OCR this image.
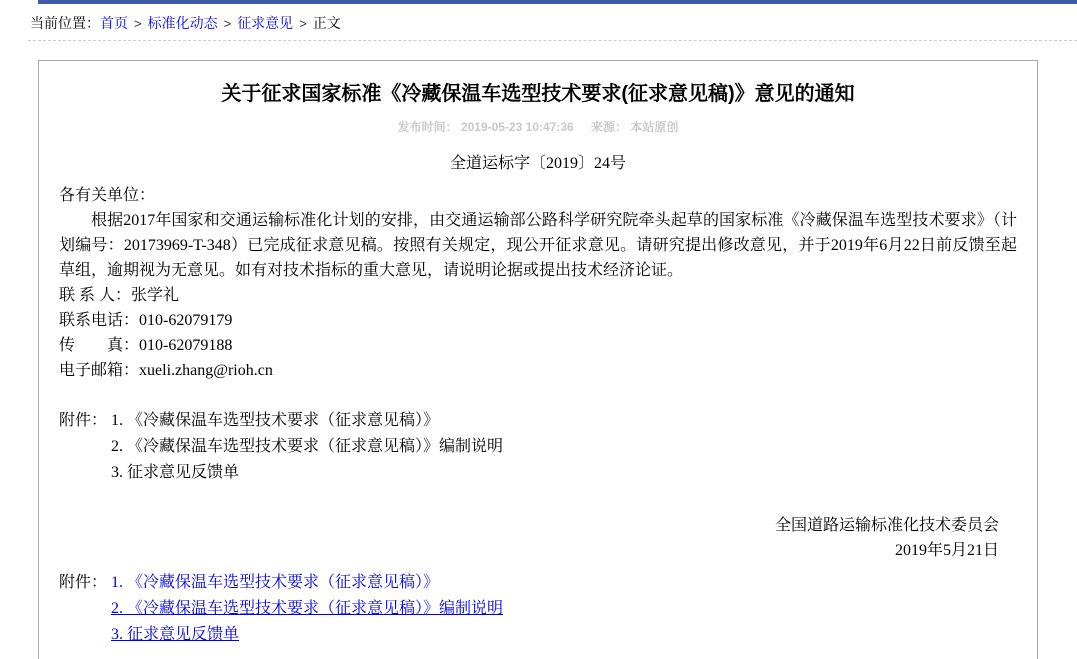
当前位置：首页 > 标准化动态 > 征求意见 > 正文
关于征求国家标准《冷藏保温车选型技术要求(征求意见稿)》意见的通知
发布时间： 2019-05-23 10:47:36 来源： 本站原创
全道运标字〔2019〕24号

各有关单位：

根据2017年国家和交通运输标准化计划的安排，由交通运输部公路科学研究院牵头起草的国家标准《冷藏保温车选型技术要求》（计划编号：20173969-T-348）已完成征求意见稿。按照有关规定，现公开征求意见。请研究提出修改意见，并于2019年6月22日前反馈至起草组，逾期视为无意见。如有对技术指标的重大意见，请说明论据或提出技术经济论证。

联 系 人：张学礼

联系电话：010-62079179

传　　真：010-62079188

电子邮箱：xueli.zhang@rioh.cn

附件： 1. 《冷藏保温车选型技术要求（征求意见稿）》
2. 《冷藏保温车选型技术要求（征求意见稿）》编制说明
3. 征求意见反馈单
全国道路运输标准化技术委员会
2019年5月21日
附件： 1. 《冷藏保温车选型技术要求（征求意见稿）》
2. 《冷藏保温车选型技术要求（征求意见稿）》编制说明
3. 征求意见反馈单
